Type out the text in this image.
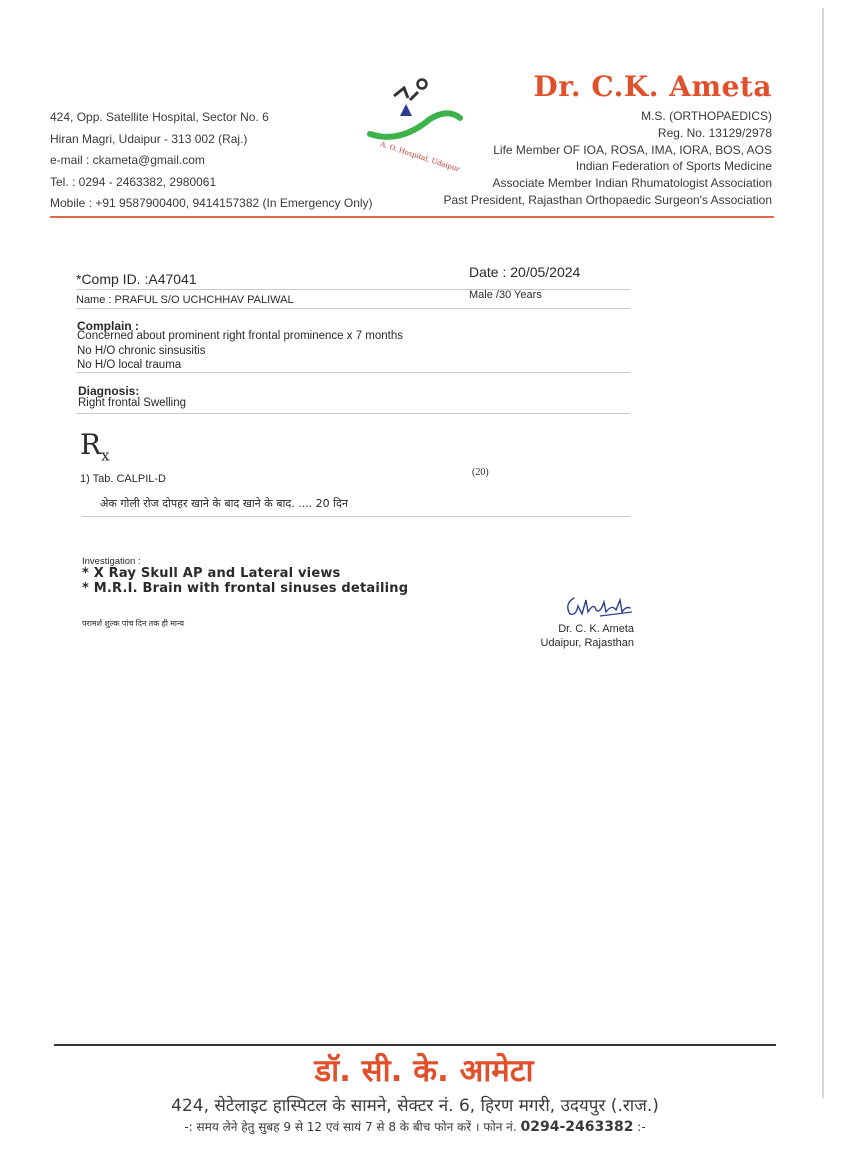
424, Opp. Satellite Hospital, Sector No. 6
Hiran Magri, Udaipur - 313 002 (Raj.)
e-mail : ckameta@gmail.com
Tel. : 0294 - 2463382, 2980061
Mobile : +91 9587900400, 9414157382 (In Emergency Only)
A. O. Hospital, Udaipur
Dr. C.K. Ameta
M.S. (ORTHOPAEDICS)
Reg. No. 13129/2978
Life Member OF IOA, ROSA, IMA, IORA, BOS, AOS
Indian Federation of Sports Medicine
Associate Member Indian Rhumatologist Association
Past President, Rajasthan Orthopaedic Surgeon's Association
*Comp ID. :A47041	Date : 20/05/2024
Name : PRAFUL S/O UCHCHHAV PALIWAL	Male /30 Years
Complain :
Concerned about prominent right frontal prominence x 7 months
No H/O chronic sinsusitis
No H/O local trauma
Diagnosis:
Right frontal Swelling
$R_x$
1) Tab. CALPIL-D
(20)
अेक गोली रोज दोपहर खाने के बाद खाने के बाद. .... 20 दिन
Investigation :
* X Ray Skull AP and Lateral views
* M.R.I. Brain with frontal sinuses detailing
परामर्श शुल्क पांच दिन तक ही मान्य	Dr. C. K. Ameta
Udaipur, Rajasthan
डॉ. सी. के. आमेटा
424, सेटेलाइट हास्पिटल के सामने, सेक्टर नं. 6, हिरण मगरी, उदयपुर (.राज.)
-: समय लेने हेतु सुबह 9 से 12 एवं सायं 7 से 8 के बीच फोन करें । फोन नं. 0294-2463382 :-
